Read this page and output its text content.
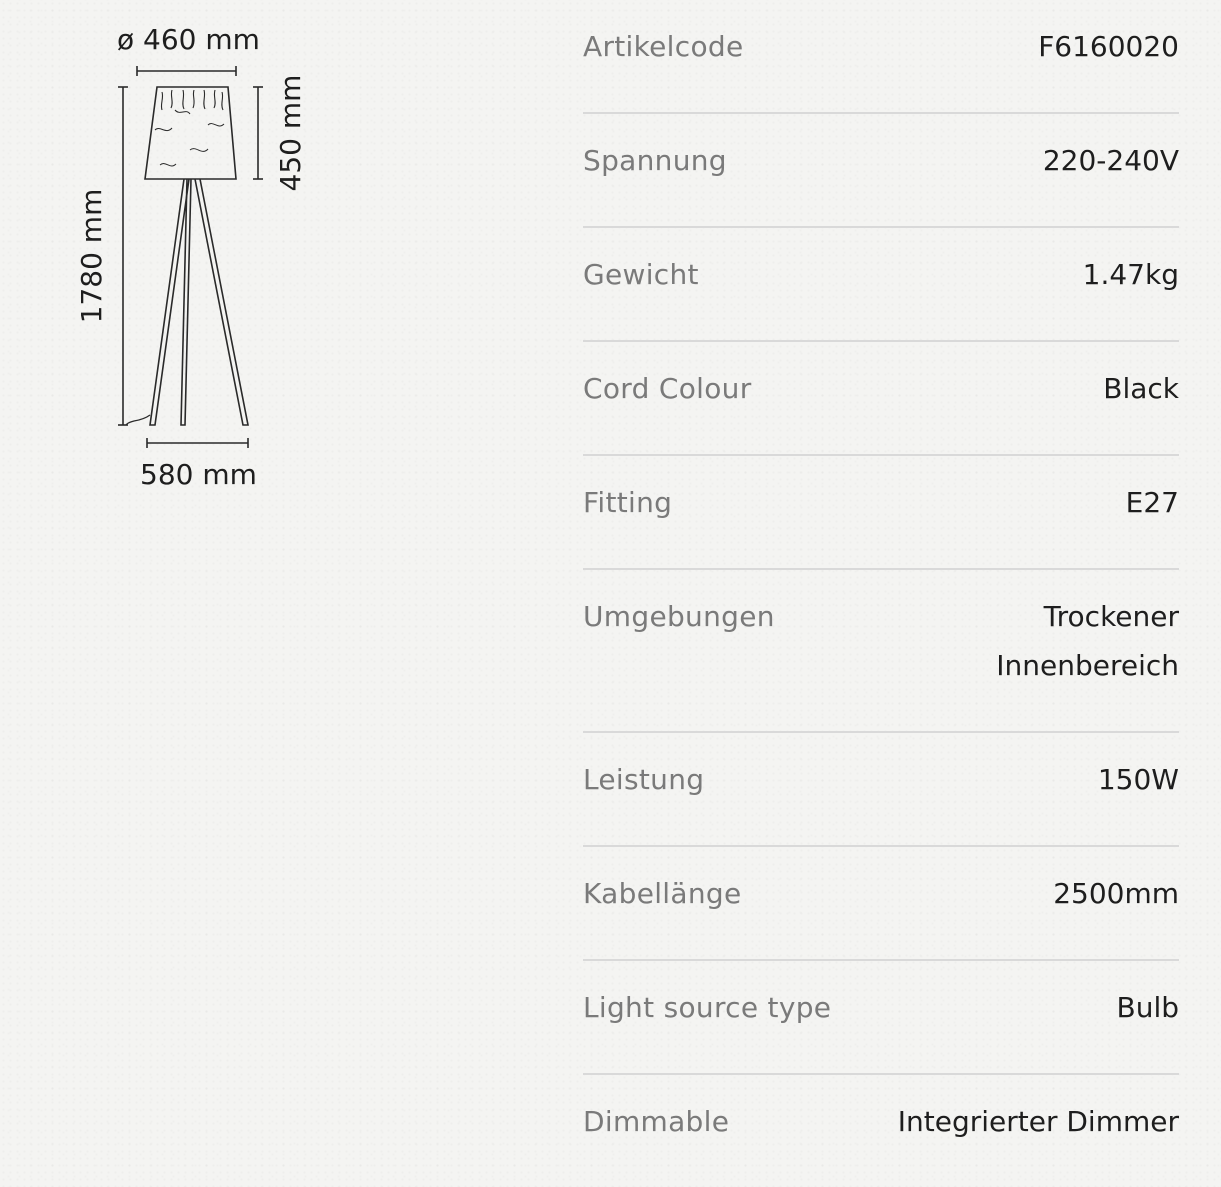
ø 460 mm
450 mm
1780 mm
580 mm
Artikelcode	F6160020
Spannung	220-240V
Gewicht	1.47kg
Cord Colour	Black
Fitting	E27
Umgebungen	Trockener Innenbereich
Leistung	150W
Kabellänge	2500mm
Light source type	Bulb
Dimmable	Integrierter Dimmer
